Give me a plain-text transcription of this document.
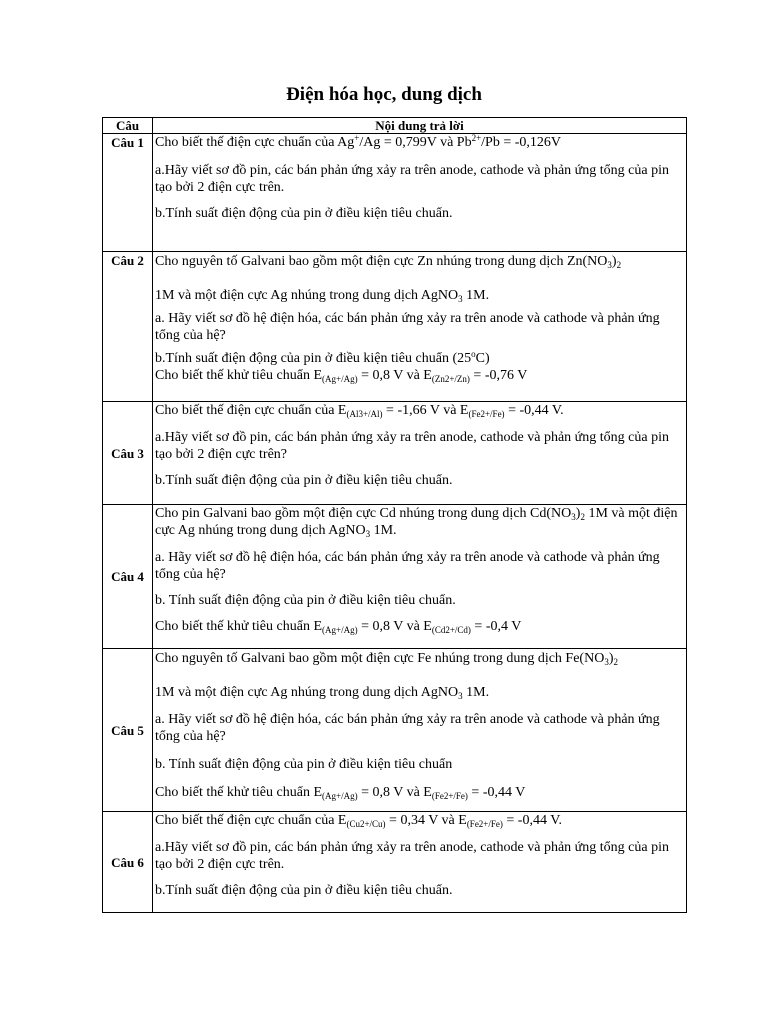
Điện hóa học, dung dịch
Câu	Nội dung trả lời
Câu 1	Cho biết thế điện cực chuẩn của Ag+/Ag = 0,799V và $Pb^{2+}/Pb = -0,126V$

a.Hãy viết sơ đồ pin, các bán phản ứng xảy ra trên anode, cathode và phản ứng tổng của pin tạo bởi 2 điện cực trên.

b.Tính suất điện động của pin ở điều kiện tiêu chuẩn.

Câu 2	Cho nguyên tố Galvani bao gồm một điện cực Zn nhúng trong dung dịch $Zn(NO_3)_2$

1M và một điện cực Ag nhúng trong dung dịch AgNO$_3$ 1M.

a. Hãy viết sơ đồ hệ điện hóa, các bán phản ứng xảy ra trên anode và cathode và phản ứng tổng của hệ?

b.Tính suất điện động của pin ở điều kiện tiêu chuẩn (25$^o$C)

Cho biết thế khử tiêu chuẩn $E_{(Ag+/Ag)} = 0,8$ V và $E_{(Zn2+/Zn)} = -0,76$ V

Câu 3	Cho biết thế điện cực chuẩn của $E_{(Al3+/Al)} = -1,66$ V và $E_{(Fe2+/Fe)} = -0,44$ V.

a.Hãy viết sơ đồ pin, các bán phản ứng xảy ra trên anode, cathode và phản ứng tổng của pin tạo bởi 2 điện cực trên?

b.Tính suất điện động của pin ở điều kiện tiêu chuẩn.

Câu 4	Cho pin Galvani bao gồm một điện cực Cd nhúng trong dung dịch $Cd(NO_3)_2$ 1M và một điện cực Ag nhúng trong dung dịch AgNO$_3$ 1M.

a. Hãy viết sơ đồ hệ điện hóa, các bán phản ứng xảy ra trên anode và cathode và phản ứng tổng của hệ?

b. Tính suất điện động của pin ở điều kiện tiêu chuẩn.

Cho biết thế khử tiêu chuẩn $E_{(Ag+/Ag)} = 0,8$ V và $E_{(Cd2+/Cd)} = -0,4$ V

Câu 5	Cho nguyên tố Galvani bao gồm một điện cực Fe nhúng trong dung dịch $Fe(NO_3)_2$

1M và một điện cực Ag nhúng trong dung dịch AgNO$_3$ 1M.

a. Hãy viết sơ đồ hệ điện hóa, các bán phản ứng xảy ra trên anode và cathode và phản ứng tổng của hệ?

b. Tính suất điện động của pin ở điều kiện tiêu chuẩn

Cho biết thế khử tiêu chuẩn $E_{(Ag+/Ag)} = 0,8$ V và $E_{(Fe2+/Fe)} = -0,44$ V

Câu 6	Cho biết thế điện cực chuẩn của $E_{(Cu2+/Cu)} = 0,34$ V và $E_{(Fe2+/Fe)} = -0,44$ V.

a.Hãy viết sơ đồ pin, các bán phản ứng xảy ra trên anode, cathode và phản ứng tổng của pin tạo bởi 2 điện cực trên.

b.Tính suất điện động của pin ở điều kiện tiêu chuẩn.
